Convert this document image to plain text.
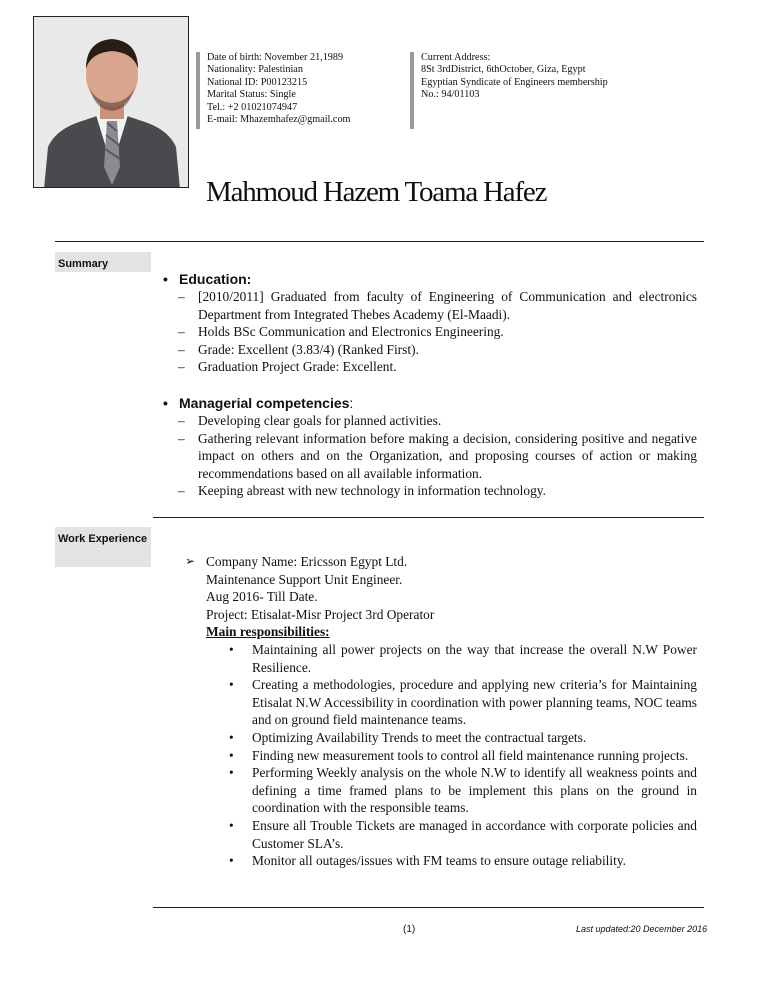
Date of birth: November 21,1989
Nationality: Palestinian
National ID: P00123215
Marital Status: Single
Tel.: +2 01021074947
E-mail: Mhazemhafez@gmail.com
Current Address:
8St 3rdDistrict, 6thOctober, Giza, Egypt
Egyptian Syndicate of Engineers membership
No.: 94/01103
Mahmoud Hazem Toama Hafez
Summary
• Education:
– [2010/2011] Graduated from faculty of Engineering of Communication and electronics Department from Integrated Thebes Academy (El-Maadi).
– Holds BSc Communication and Electronics Engineering.
– Grade: Excellent (3.83/4) (Ranked First).
– Graduation Project Grade: Excellent.
• Managerial competencies:
– Developing clear goals for planned activities.
– Gathering relevant information before making a decision, considering positive and negative impact on others and on the Organization, and proposing courses of action or making recommendations based on all available information.
– Keeping abreast with new technology in information technology.
Work Experience
➢ Company Name: Ericsson Egypt Ltd.
Maintenance Support Unit Engineer.
Aug 2016- Till Date.
Project: Etisalat-Misr Project 3rd Operator
Main responsibilities:
• Maintaining all power projects on the way that increase the overall N.W Power Resilience.
• Creating a methodologies, procedure and applying new criteria’s for Maintaining Etisalat N.W Accessibility in coordination with power planning teams, NOC teams and on ground field maintenance teams.
• Optimizing Availability Trends to meet the contractual targets.
• Finding new measurement tools to control all field maintenance running projects.
• Performing Weekly analysis on the whole N.W to identify all weakness points and defining a time framed plans to be implement this plans on the ground in coordination with the responsible teams.
• Ensure all Trouble Tickets are managed in accordance with corporate policies and Customer SLA’s.
• Monitor all outages/issues with FM teams to ensure outage reliability.
(1)	Last updated:20 December 2016
